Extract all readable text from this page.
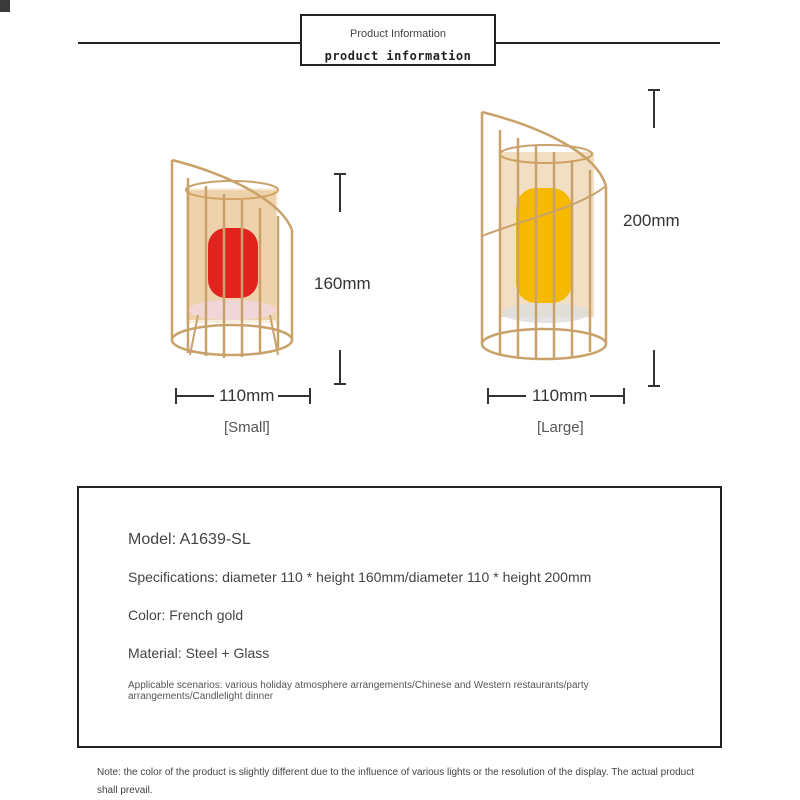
Product Information
product information
160mm
110mm
[Small]
200mm
110mm
[Large]
Model: A1639-SL
Specifications: diameter 110 * height 160mm/diameter 110 * height 200mm
Color: French gold
Material: Steel + Glass
Applicable scenarios: various holiday atmosphere arrangements/Chinese and Western restaurants/party arrangements/Candlelight dinner
Note: the color of the product is slightly different due to the influence of various lights or the resolution of the display. The actual product shall prevail.
